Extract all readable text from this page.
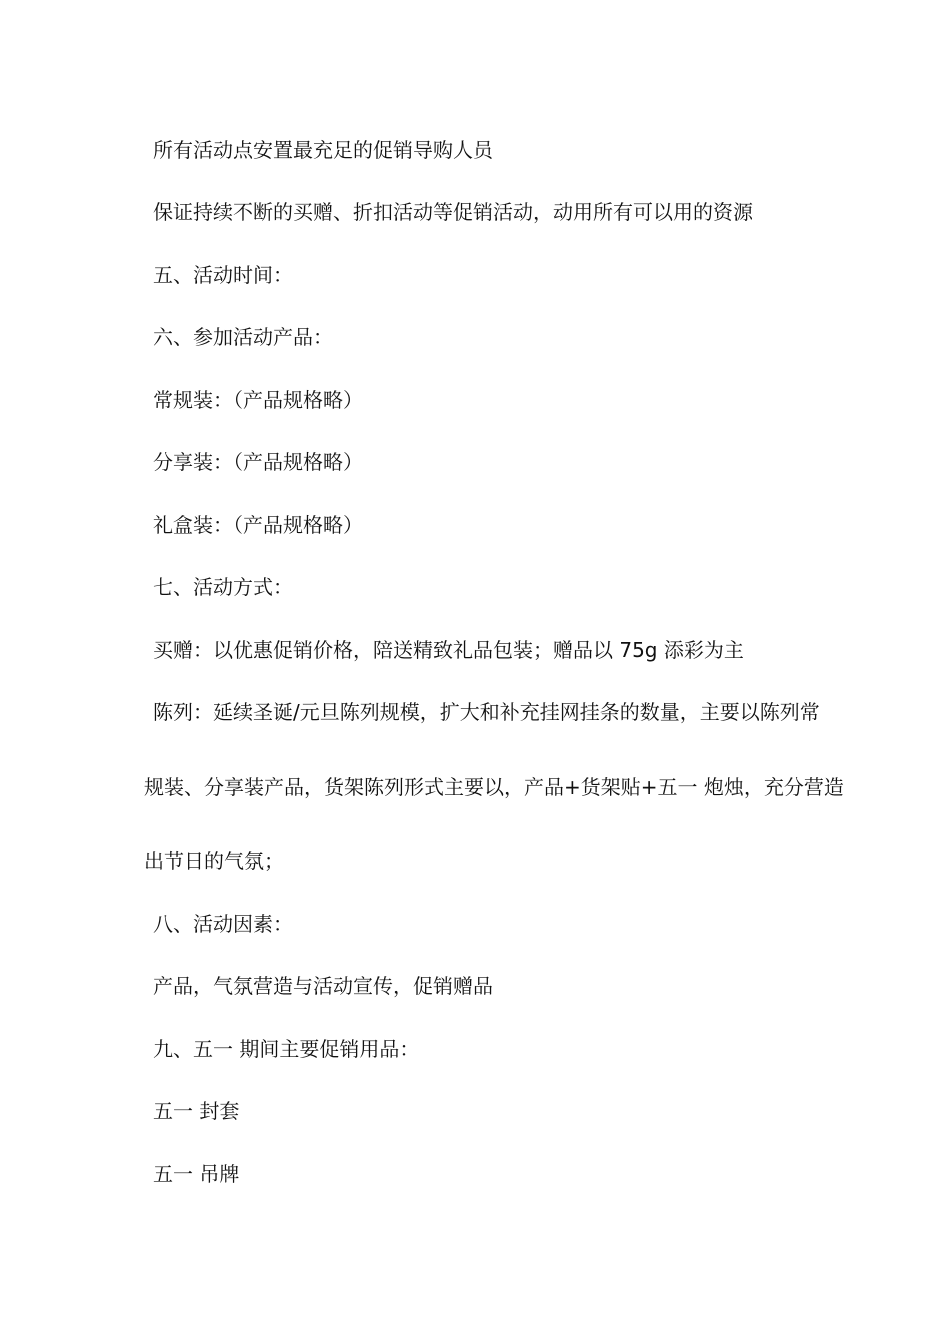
所有活动点安置最充足的促销导购人员
保证持续不断的买赠、折扣活动等促销活动，动用所有可以用的资源
五、活动时间：
六、参加活动产品：
常规装：（产品规格略）
分享装：（产品规格略）
礼盒装：（产品规格略）
七、活动方式：
买赠：以优惠促销价格，陪送精致礼品包装；赠品以 75g 添彩为主
陈列：延续圣诞/元旦陈列规模，扩大和补充挂网挂条的数量，主要以陈列常
规装、分享装产品，货架陈列形式主要以，产品+货架贴+五一 炮烛，充分营造
出节日的气氛；
八、活动因素：
产品，气氛营造与活动宣传，促销赠品
九、五一 期间主要促销用品：
五一 封套
五一 吊牌
